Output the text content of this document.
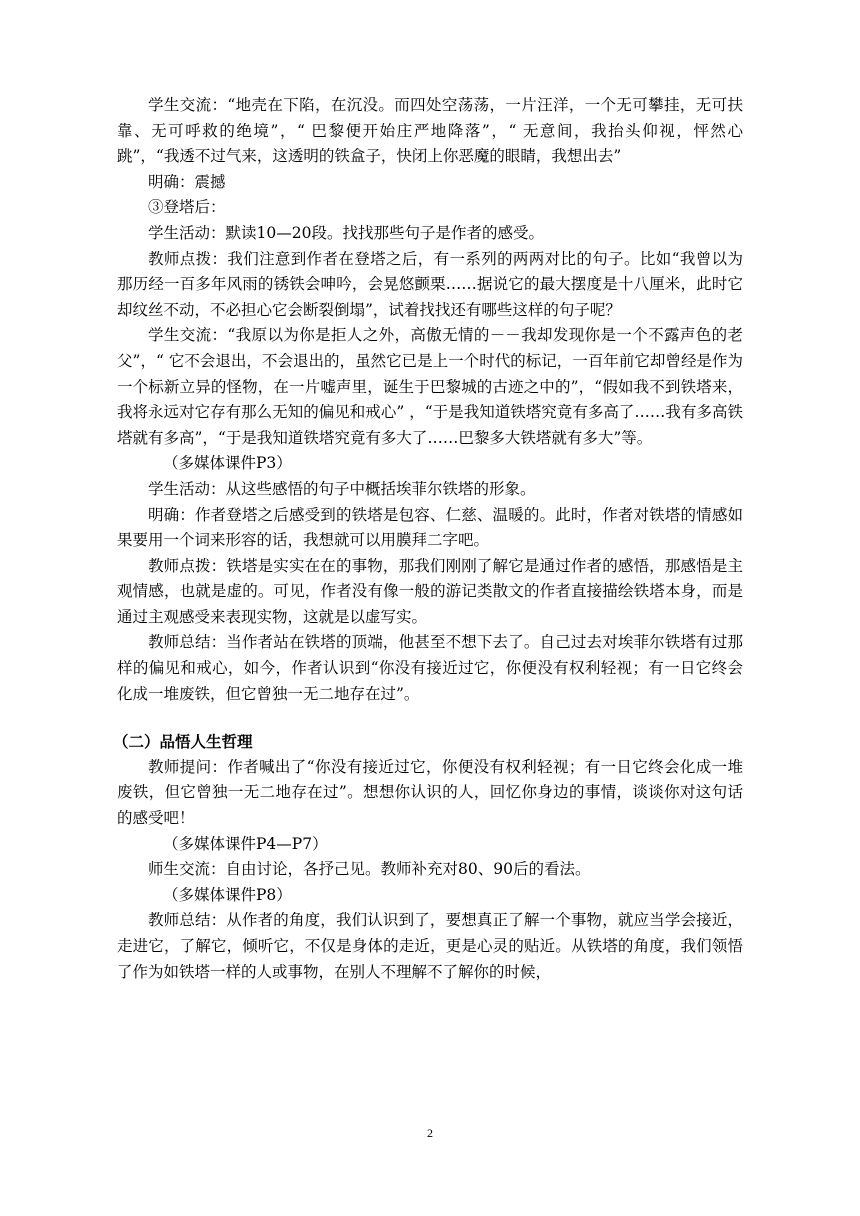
学生交流：“地壳在下陷，在沉没。而四处空荡荡，一片汪洋，一个无可攀挂，无可扶靠、无可呼救的绝境”，“ 巴黎便开始庄严地降落”，“ 无意间，我抬头仰视，怦然心跳”，“我透不过气来，这透明的铁盒子，快闭上你恶魔的眼睛，我想出去”

明确：震撼

③登塔后：

学生活动：默读10—20段。找找那些句子是作者的感受。

教师点拨：我们注意到作者在登塔之后，有一系列的两两对比的句子。比如“我曾以为那历经一百多年风雨的锈铁会呻吟，会晃悠颤栗……据说它的最大摆度是十八厘米，此时它却纹丝不动，不必担心它会断裂倒塌”，试着找找还有哪些这样的句子呢？

学生交流：“我原以为你是拒人之外，高傲无情的－－我却发现你是一个不露声色的老父”，“ 它不会退出，不会退出的，虽然它已是上一个时代的标记，一百年前它却曾经是作为一个标新立异的怪物，在一片嘘声里，诞生于巴黎城的古迹之中的”，“假如我不到铁塔来，我将永远对它存有那么无知的偏见和戒心” ，“于是我知道铁塔究竟有多高了……我有多高铁塔就有多高”，“于是我知道铁塔究竟有多大了……巴黎多大铁塔就有多大”等。

（多媒体课件P3）

学生活动：从这些感悟的句子中概括埃菲尔铁塔的形象。

明确：作者登塔之后感受到的铁塔是包容、仁慈、温暖的。此时，作者对铁塔的情感如果要用一个词来形容的话，我想就可以用膜拜二字吧。

教师点拨：铁塔是实实在在的事物，那我们刚刚了解它是通过作者的感悟，那感悟是主观情感，也就是虚的。可见，作者没有像一般的游记类散文的作者直接描绘铁塔本身，而是通过主观感受来表现实物，这就是以虚写实。

教师总结：当作者站在铁塔的顶端，他甚至不想下去了。自己过去对埃菲尔铁塔有过那样的偏见和戒心，如今，作者认识到“你没有接近过它，你便没有权利轻视；有一日它终会化成一堆废铁，但它曾独一无二地存在过”。

（二）品悟人生哲理

教师提问：作者喊出了“你没有接近过它，你便没有权利轻视；有一日它终会化成一堆废铁，但它曾独一无二地存在过”。想想你认识的人，回忆你身边的事情，谈谈你对这句话的感受吧！

（多媒体课件P4—P7）

师生交流：自由讨论，各抒己见。教师补充对80、90后的看法。

（多媒体课件P8）

教师总结：从作者的角度，我们认识到了，要想真正了解一个事物，就应当学会接近，走进它，了解它，倾听它，不仅是身体的走近，更是心灵的贴近。从铁塔的角度，我们领悟了作为如铁塔一样的人或事物，在别人不理解不了解你的时候，

2
